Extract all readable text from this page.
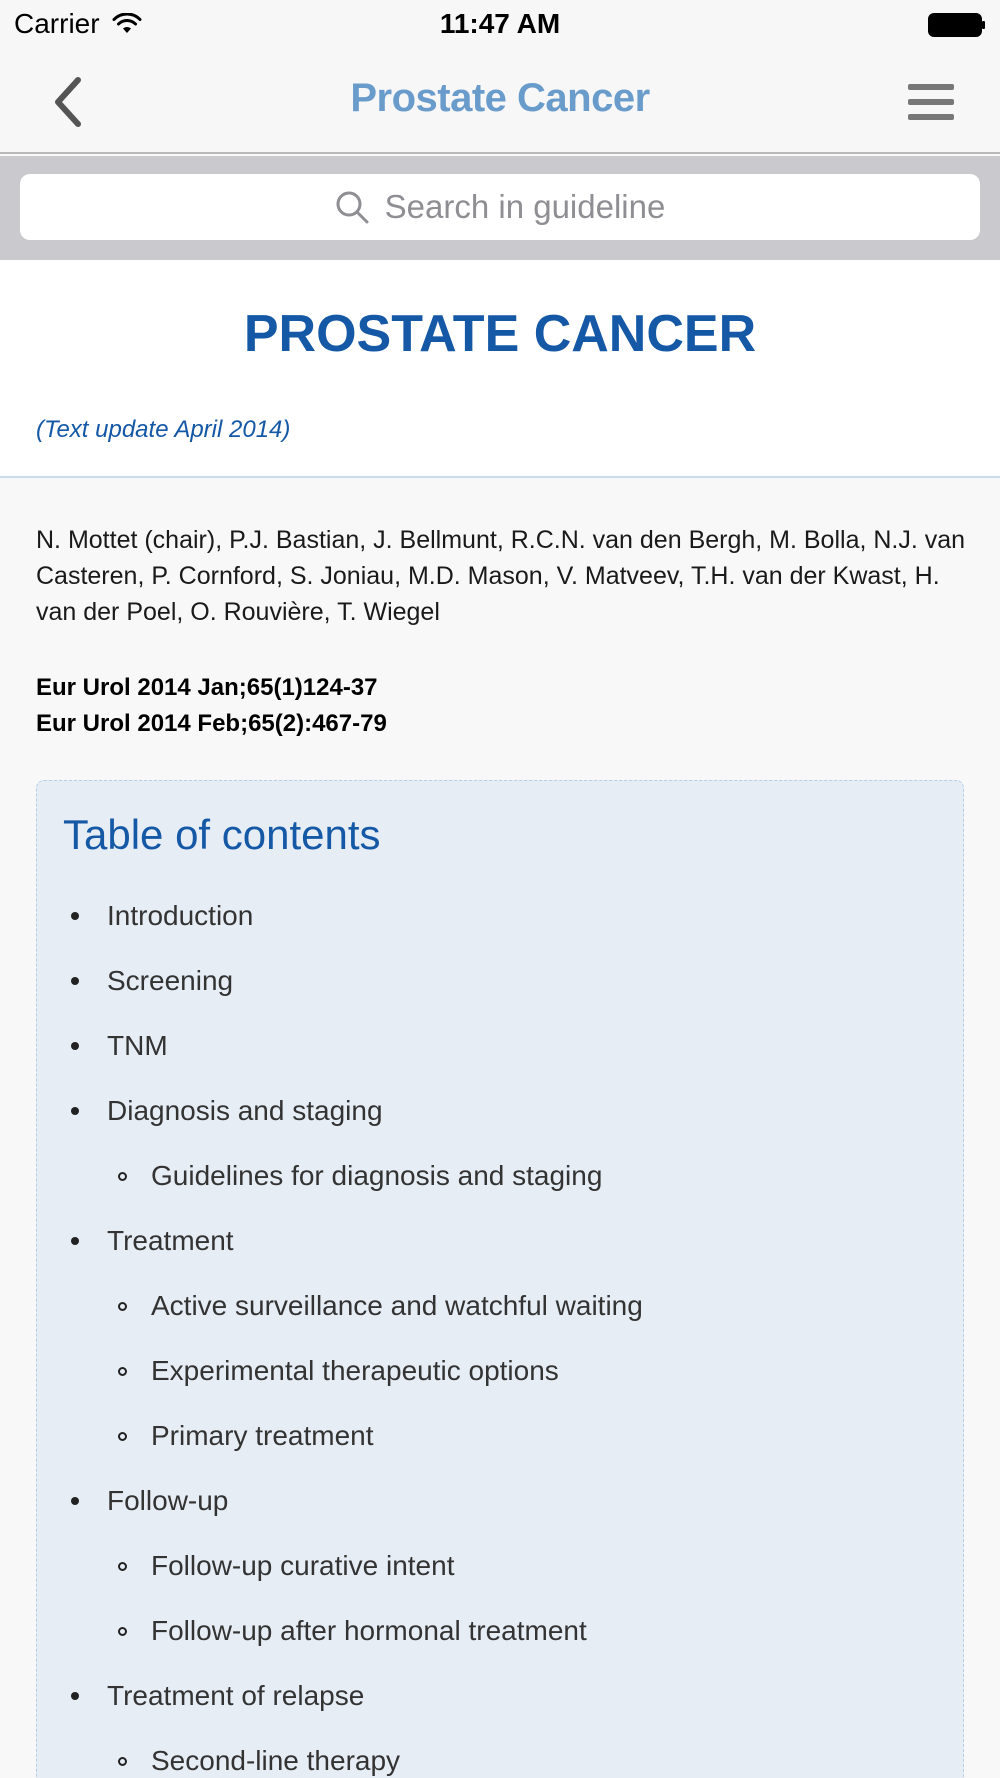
Carrier	11:47 AM
Prostate Cancer
Search in guideline
PROSTATE CANCER
(Text update April 2014)
N. Mottet (chair), P.J. Bastian, J. Bellmunt, R.C.N. van den Bergh, M. Bolla, N.J. van Casteren, P. Cornford, S. Joniau, M.D. Mason, V. Matveev, T.H. van der Kwast, H. van der Poel, O. Rouvière, T. Wiegel
Eur Urol 2014 Jan;65(1)124-37
Eur Urol 2014 Feb;65(2):467-79
Table of contents
Introduction
Screening
TNM
Diagnosis and staging
Guidelines for diagnosis and staging
Treatment
Active surveillance and watchful waiting
Experimental therapeutic options
Primary treatment
Follow-up
Follow-up curative intent
Follow-up after hormonal treatment
Treatment of relapse
Second-line therapy
